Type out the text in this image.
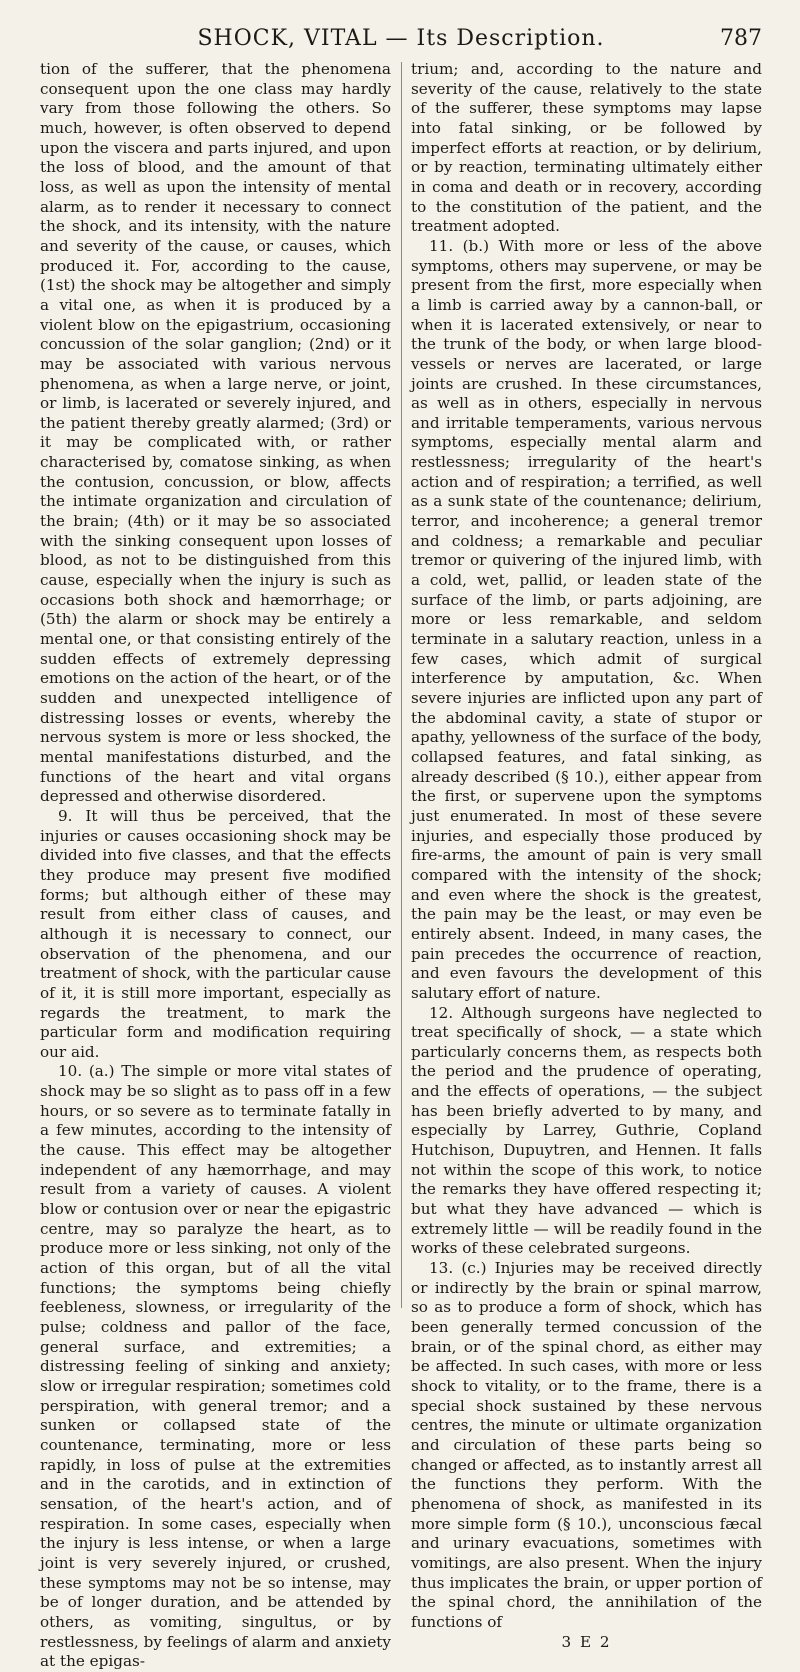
SHOCK, VITAL — Its Description.	787

tion of the sufferer, that the phenomena consequent upon the one class may hardly vary from those following the others. So much, however, is often observed to depend upon the viscera and parts injured, and upon the loss of blood, and the amount of that loss, as well as upon the intensity of mental alarm, as to render it necessary to connect the shock, and its intensity, with the nature and severity of the cause, or causes, which produced it. For, according to the cause, (1st) the shock may be altogether and simply a vital one, as when it is produced by a violent blow on the epigastrium, occasioning concussion of the solar ganglion; (2nd) or it may be associated with various nervous phenomena, as when a large nerve, or joint, or limb, is lacerated or severely injured, and the patient thereby greatly alarmed; (3rd) or it may be complicated with, or rather characterised by, comatose sinking, as when the contusion, concussion, or blow, affects the intimate organization and circulation of the brain; (4th) or it may be so associated with the sinking consequent upon losses of blood, as not to be distinguished from this cause, especially when the injury is such as occasions both shock and hæmorrhage; or (5th) the alarm or shock may be entirely a mental one, or that consisting entirely of the sudden effects of extremely depressing emotions on the action of the heart, or of the sudden and unexpected intelligence of distressing losses or events, whereby the nervous system is more or less shocked, the mental manifestations disturbed, and the functions of the heart and vital organs depressed and otherwise disordered.

9. It will thus be perceived, that the injuries or causes occasioning shock may be divided into five classes, and that the effects they produce may present five modified forms; but although either of these may result from either class of causes, and although it is necessary to connect, our observation of the phenomena, and our treatment of shock, with the particular cause of it, it is still more important, especially as regards the treatment, to mark the particular form and modification requiring our aid.

10. (a.) The simple or more vital states of shock may be so slight as to pass off in a few hours, or so severe as to terminate fatally in a few minutes, according to the intensity of the cause. This effect may be altogether independent of any hæmorrhage, and may result from a variety of causes. A violent blow or contusion over or near the epigastric centre, may so paralyze the heart, as to produce more or less sinking, not only of the action of this organ, but of all the vital functions; the symptoms being chiefly feebleness, slowness, or irregularity of the pulse; coldness and pallor of the face, general surface, and extremities; a distressing feeling of sinking and anxiety; slow or irregular respiration; sometimes cold perspiration, with general tremor; and a sunken or collapsed state of the countenance, terminating, more or less rapidly, in loss of pulse at the extremities and in the carotids, and in extinction of sensation, of the heart's action, and of respiration. In some cases, especially when the injury is less intense, or when a large joint is very severely injured, or crushed, these symptoms may not be so intense, may be of longer duration, and be attended by others, as vomiting, singultus, or by restlessness, by feelings of alarm and anxiety at the epigas-

trium; and, according to the nature and severity of the cause, relatively to the state of the sufferer, these symptoms may lapse into fatal sinking, or be followed by imperfect efforts at reaction, or by delirium, or by reaction, terminating ultimately either in coma and death or in recovery, according to the constitution of the patient, and the treatment adopted.

11. (b.) With more or less of the above symptoms, others may supervene, or may be present from the first, more especially when a limb is carried away by a cannon-ball, or when it is lacerated extensively, or near to the trunk of the body, or when large blood-vessels or nerves are lacerated, or large joints are crushed. In these circumstances, as well as in others, especially in nervous and irritable temperaments, various nervous symptoms, especially mental alarm and restlessness; irregularity of the heart's action and of respiration; a terrified, as well as a sunk state of the countenance; delirium, terror, and incoherence; a general tremor and coldness; a remarkable and peculiar tremor or quivering of the injured limb, with a cold, wet, pallid, or leaden state of the surface of the limb, or parts adjoining, are more or less remarkable, and seldom terminate in a salutary reaction, unless in a few cases, which admit of surgical interference by amputation, &c. When severe injuries are inflicted upon any part of the abdominal cavity, a state of stupor or apathy, yellowness of the surface of the body, collapsed features, and fatal sinking, as already described (§ 10.), either appear from the first, or supervene upon the symptoms just enumerated. In most of these severe injuries, and especially those produced by fire-arms, the amount of pain is very small compared with the intensity of the shock; and even where the shock is the greatest, the pain may be the least, or may even be entirely absent. Indeed, in many cases, the pain precedes the occurrence of reaction, and even favours the development of this salutary effort of nature.

12. Although surgeons have neglected to treat specifically of shock, — a state which particularly concerns them, as respects both the period and the prudence of operating, and the effects of operations, — the subject has been briefly adverted to by many, and especially by Larrey, Guthrie, Copland Hutchison, Dupuytren, and Hennen. It falls not within the scope of this work, to notice the remarks they have offered respecting it; but what they have advanced — which is extremely little — will be readily found in the works of these celebrated surgeons.

13. (c.) Injuries may be received directly or indirectly by the brain or spinal marrow, so as to produce a form of shock, which has been generally termed concussion of the brain, or of the spinal chord, as either may be affected. In such cases, with more or less shock to vitality, or to the frame, there is a special shock sustained by these nervous centres, the minute or ultimate organization and circulation of these parts being so changed or affected, as to instantly arrest all the functions they perform. With the phenomena of shock, as manifested in its more simple form (§ 10.), unconscious fæcal and urinary evacuations, sometimes with vomitings, are also present. When the injury thus implicates the brain, or upper portion of the spinal chord, the annihilation of the functions of

3 E 2
